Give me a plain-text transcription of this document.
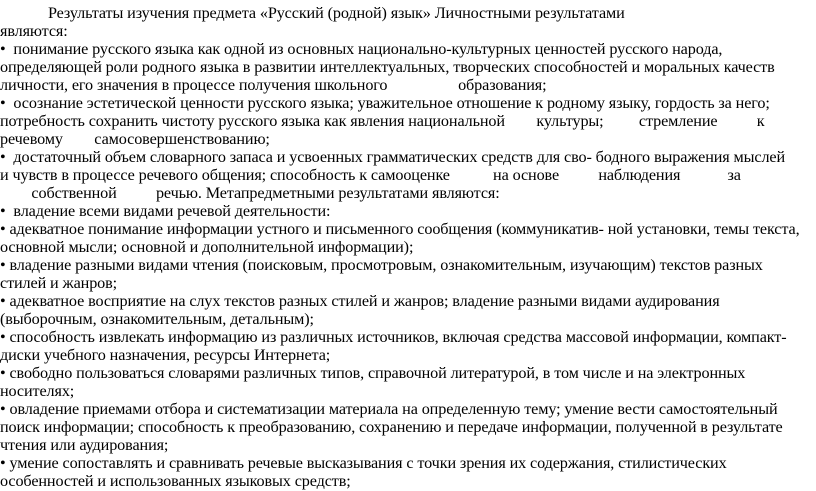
Результаты изучения предмета «Русский (родной) язык» Личностными результатами
являются:
•  понимание русского языка как одной из основных национально-культурных ценностей русского народа,
определяющей роли родного языка в развитии интеллектуальных, творческих способностей и моральных качеств
личности, его значения в процессе получения школьного                  образования;
•  осознание эстетической ценности русского языка; уважительное отношение к родному языку, гордость за него;
потребность сохранить чистоту русского языка как явления национальной        культуры;         стремление          к
речевому        самосовершенствованию;
•  достаточный объем словарного запаса и усвоенных грамматических средств для сво- бодного выражения мыслей
и чувств в процессе речевого общения; способность к самооценке           на основе          наблюдения            за
собственной          речью. Метапредметными результатами являются:
•  владение всеми видами речевой деятельности:
• адекватное понимание информации устного и письменного сообщения (коммуникатив- ной установки, темы текста,
основной мысли; основной и дополнительной информации);
• владение разными видами чтения (поисковым, просмотровым, ознакомительным, изучающим) текстов разных
стилей и жанров;
• адекватное восприятие на слух текстов разных стилей и жанров; владение разными видами аудирования
(выборочным, ознакомительным, детальным);
• способность извлекать информацию из различных источников, включая средства массовой информации, компакт-
диски учебного назначения, ресурсы Интернета;
• свободно пользоваться словарями различных типов, справочной литературой, в том числе и на электронных
носителях;
• овладение приемами отбора и систематизации материала на определенную тему; умение вести самостоятельный
поиск информации; способность к преобразованию, сохранению и передаче информации, полученной в результате
чтения или аудирования;
• умение сопоставлять и сравнивать речевые высказывания с точки зрения их содержания, стилистических
особенностей и использованных языковых средств;
